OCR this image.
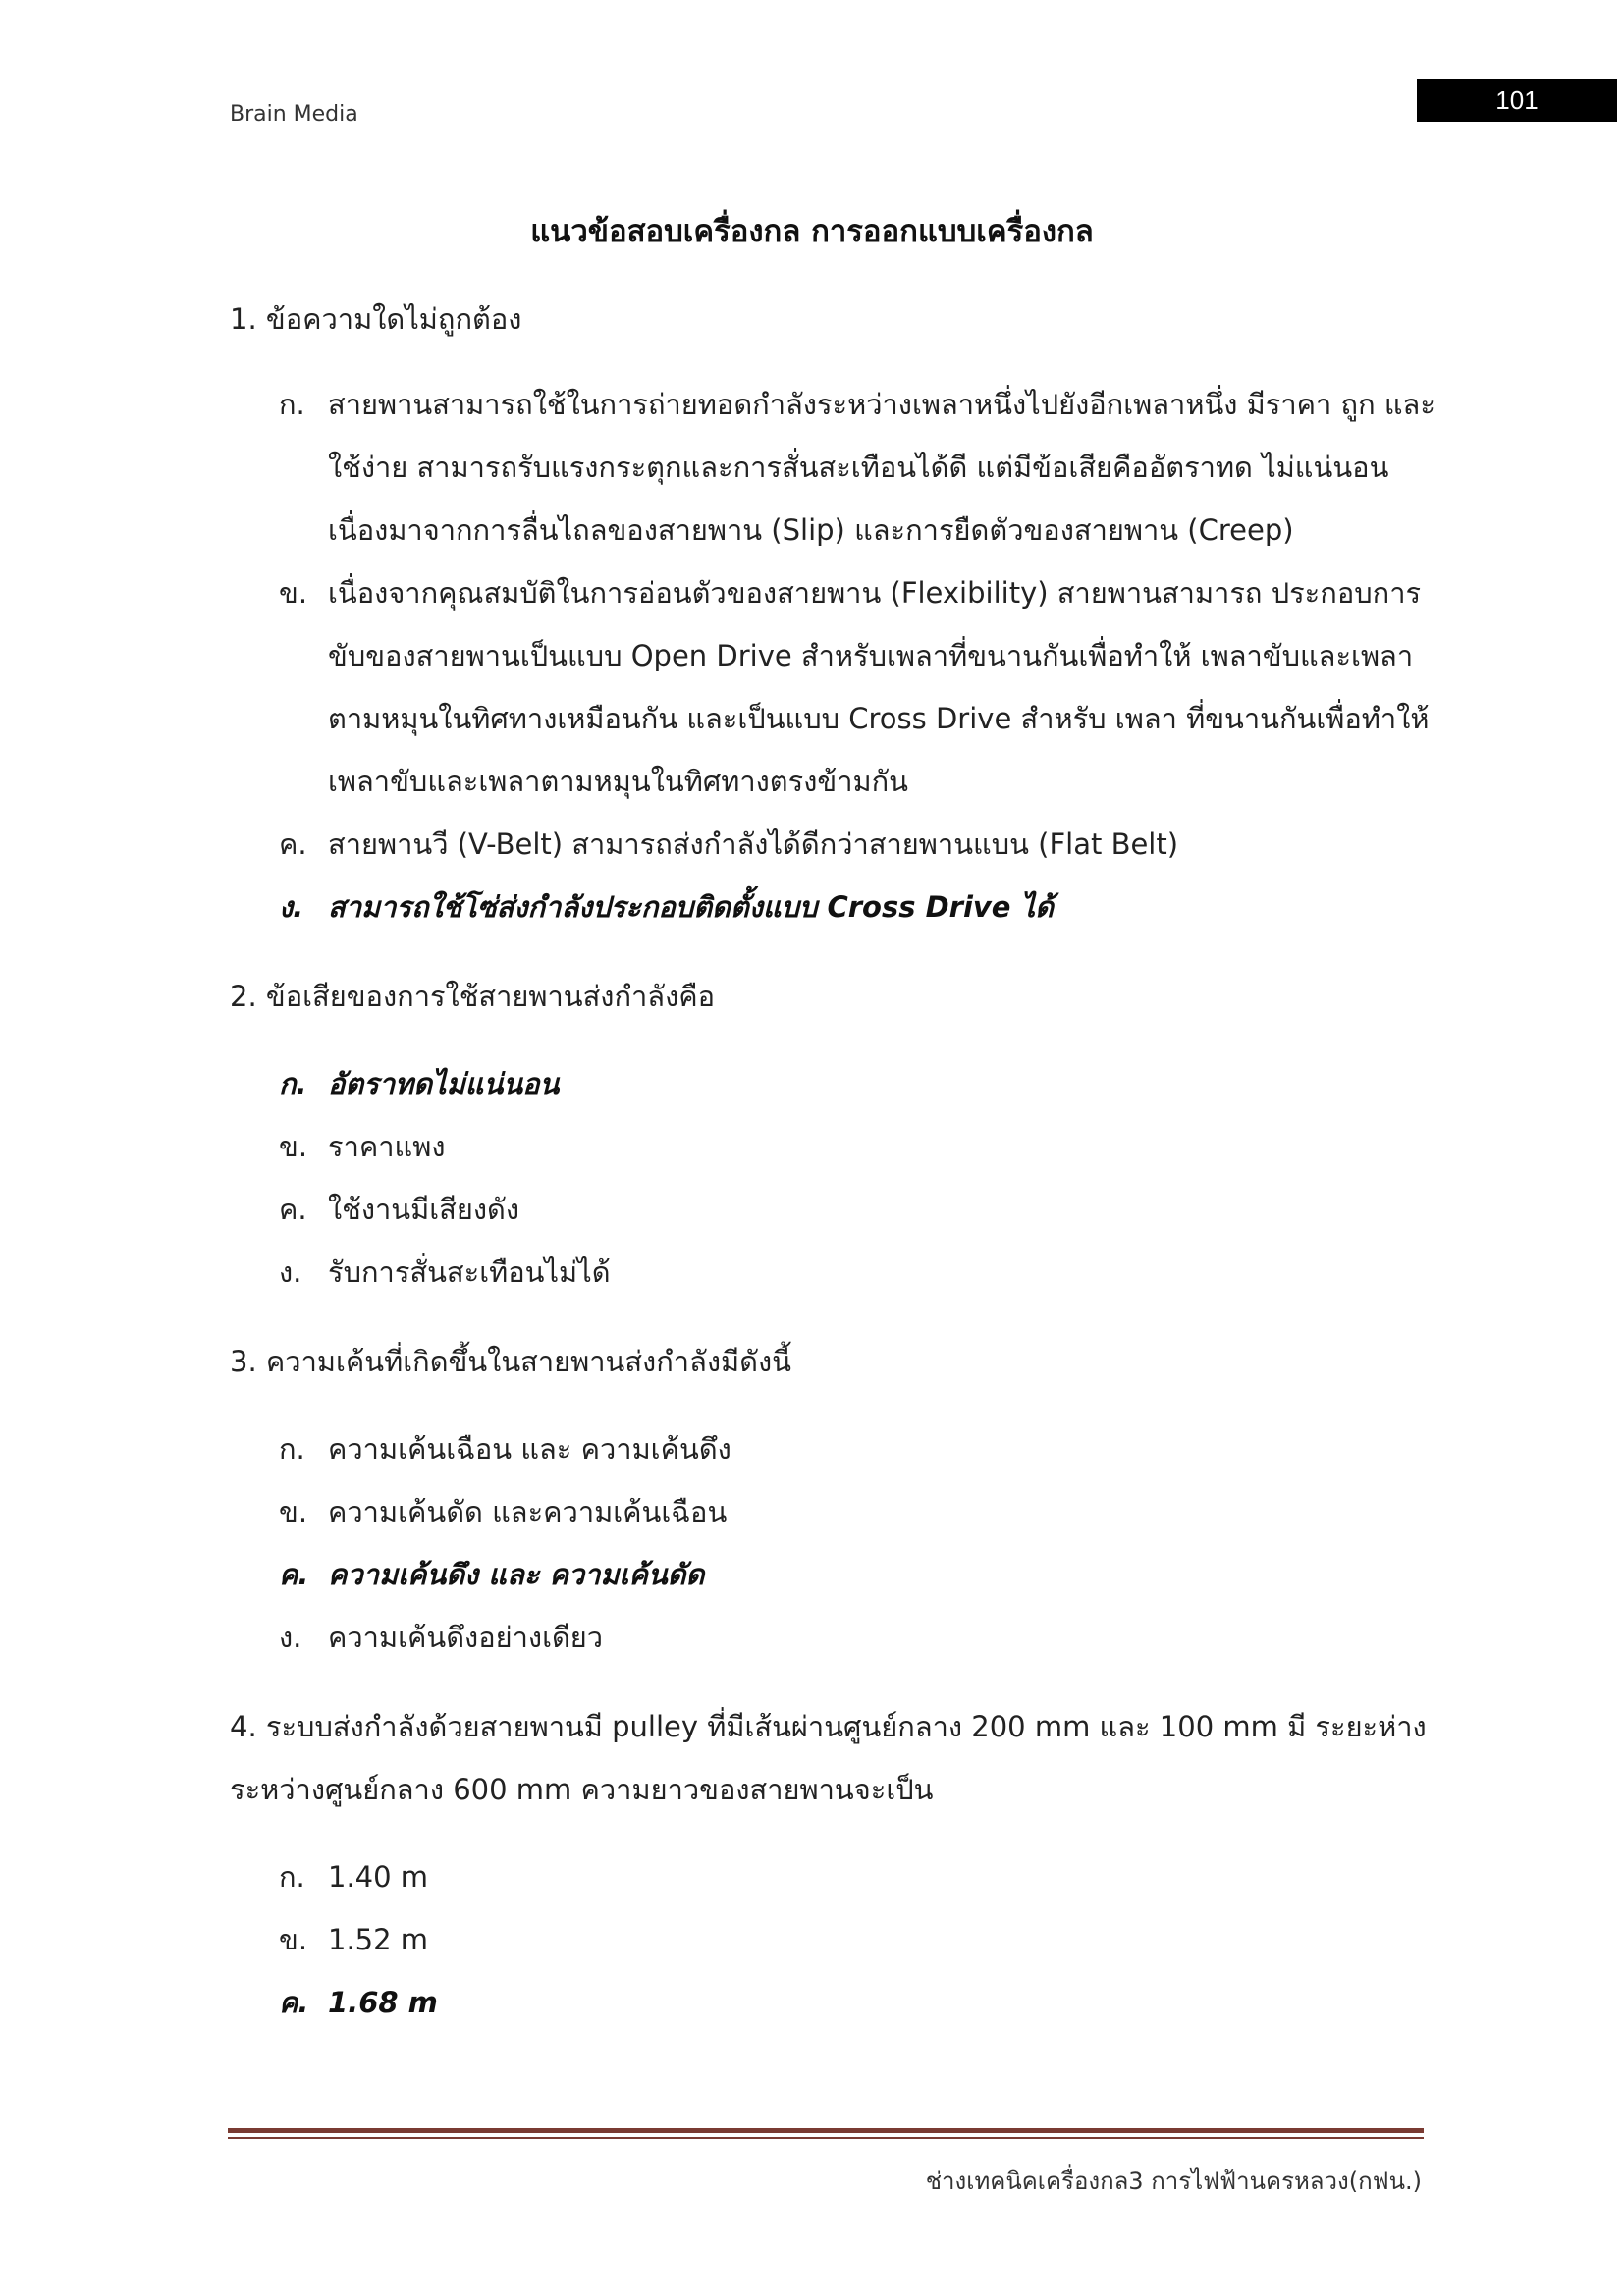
Brain Media	101
แนวข้อสอบเครื่องกล การออกแบบเครื่องกล
1. ข้อความใดไม่ถูกต้อง
ก. สายพานสามารถใช้ในการถ่ายทอดกำลังระหว่างเพลาหนึ่งไปยังอีกเพลาหนึ่ง มีราคา ถูก และใช้ง่าย สามารถรับแรงกระตุกและการสั่นสะเทือนได้ดี แต่มีข้อเสียคืออัตราทด ไม่แน่นอนเนื่องมาจากการลื่นไถลของสายพาน (Slip) และการยืดตัวของสายพาน (Creep)
ข. เนื่องจากคุณสมบัติในการอ่อนตัวของสายพาน (Flexibility) สายพานสามารถ ประกอบการขับของสายพานเป็นแบบ Open Drive สำหรับเพลาที่ขนานกันเพื่อทำให้ เพลาขับและเพลาตามหมุนในทิศทางเหมือนกัน และเป็นแบบ Cross Drive สำหรับ เพลา ที่ขนานกันเพื่อทำให้เพลาขับและเพลาตามหมุนในทิศทางตรงข้ามกัน
ค. สายพานวี (V-Belt) สามารถส่งกำลังได้ดีกว่าสายพานแบน (Flat Belt)
ง. สามารถใช้โซ่ส่งกำลังประกอบติดตั้งแบบ Cross Drive ได้
2. ข้อเสียของการใช้สายพานส่งกำลังคือ
ก. อัตราทดไม่แน่นอน
ข. ราคาแพง
ค. ใช้งานมีเสียงดัง
ง. รับการสั่นสะเทือนไม่ได้
3. ความเค้นที่เกิดขึ้นในสายพานส่งกำลังมีดังนี้
ก. ความเค้นเฉือน และ ความเค้นดึง
ข. ความเค้นดัด และความเค้นเฉือน
ค. ความเค้นดึง และ ความเค้นดัด
ง. ความเค้นดึงอย่างเดียว
4. ระบบส่งกำลังด้วยสายพานมี pulley ที่มีเส้นผ่านศูนย์กลาง 200 mm และ 100 mm มี ระยะห่าง ระหว่างศูนย์กลาง 600 mm ความยาวของสายพานจะเป็น
ก. 1.40 m
ข. 1.52 m
ค. 1.68 m
ช่างเทคนิคเครื่องกล3 การไฟฟ้านครหลวง(กฟน.)
